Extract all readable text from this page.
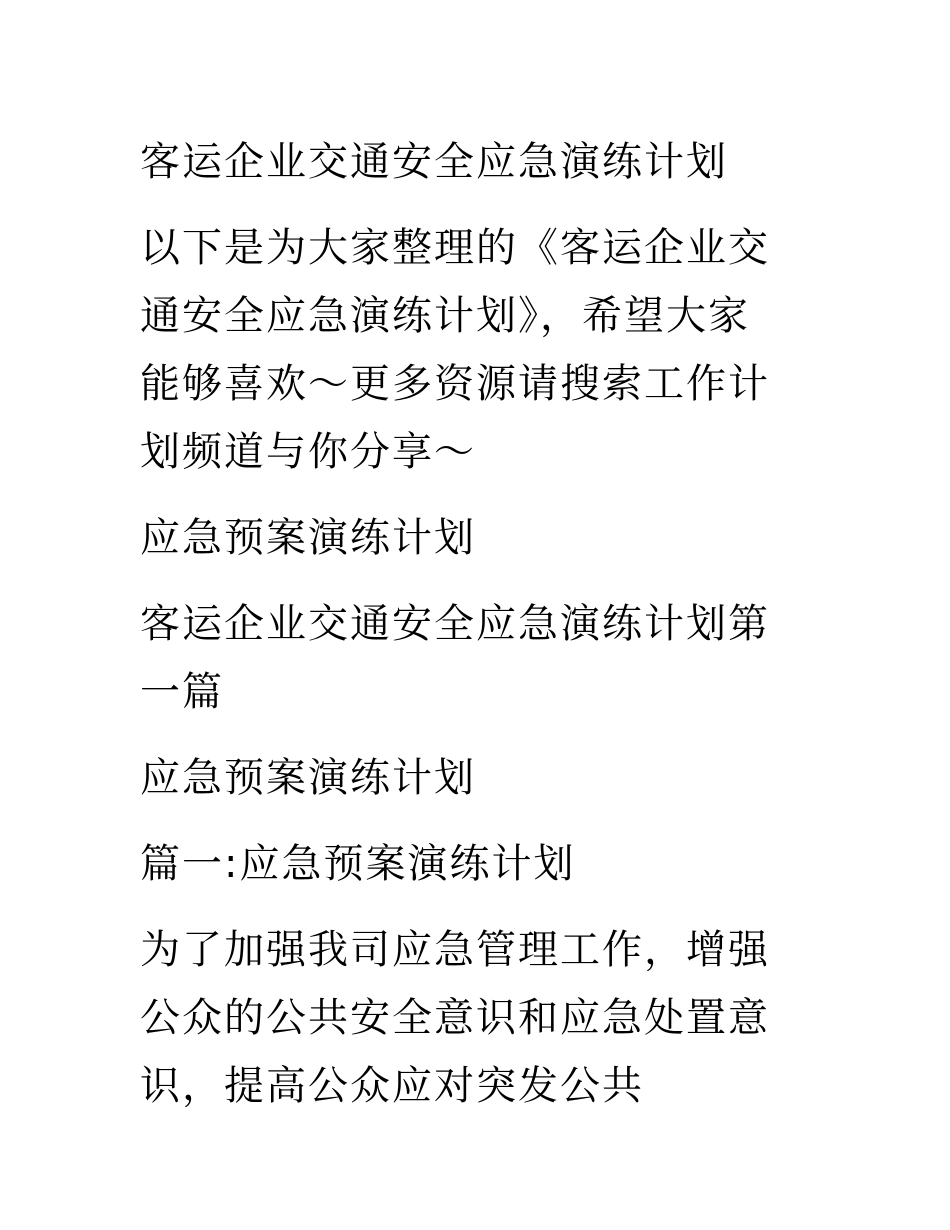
客运企业交通安全应急演练计划

以下是为大家整理的《客运企业交通安全应急演练计划》，希望大家能够喜欢～更多资源请搜索工作计划频道与你分享～

应急预案演练计划

客运企业交通安全应急演练计划第一篇

应急预案演练计划

篇一:应急预案演练计划

为了加强我司应急管理工作，增强公众的公共安全意识和应急处置意识，提高公众应对突发公共
